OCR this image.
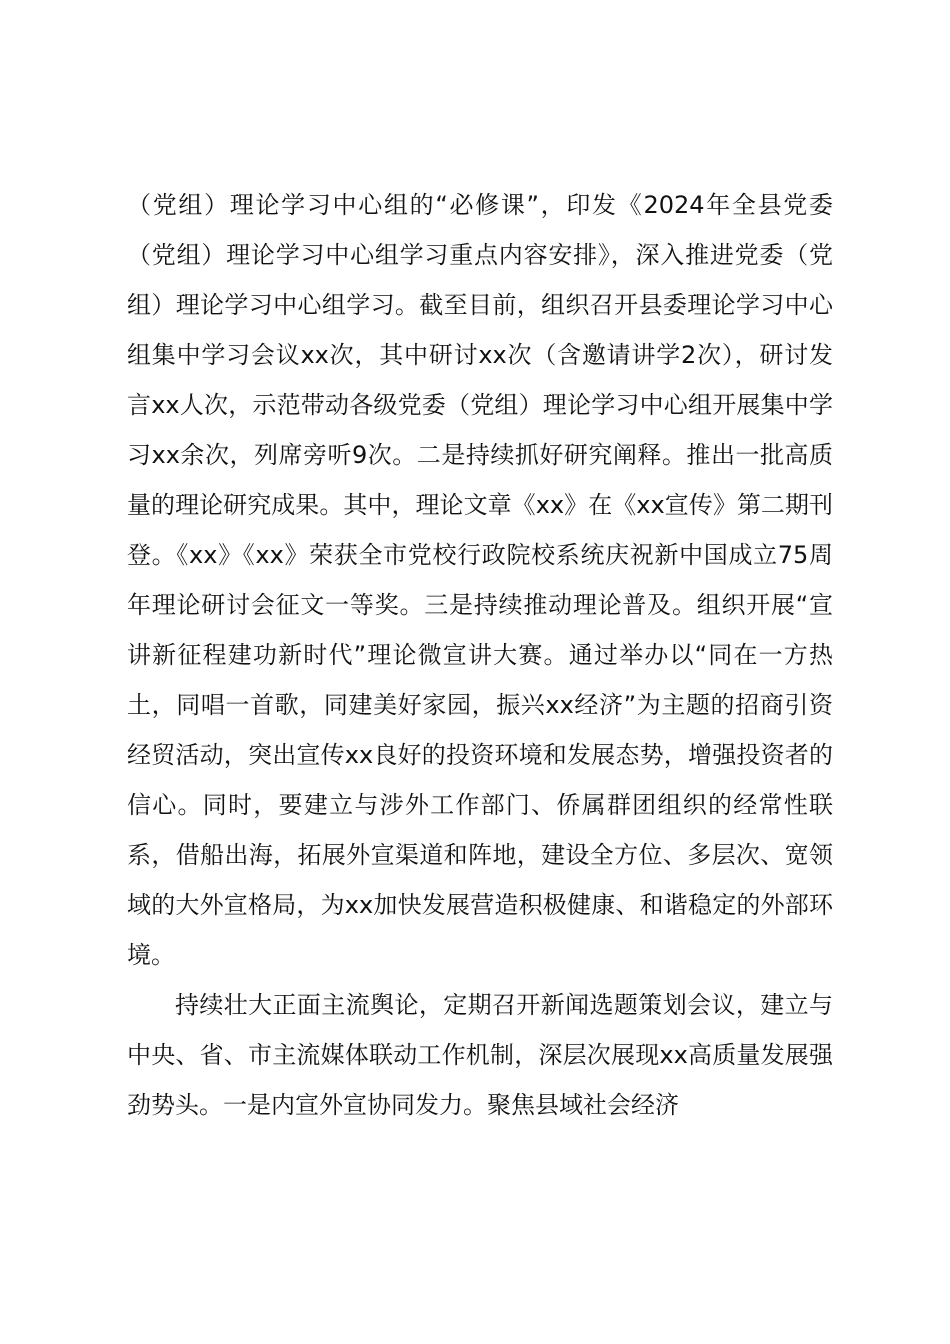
（党组）理论学习中心组的“必修课”，印发《2024年全县党委（党组）理论学习中心组学习重点内容安排》，深入推进党委（党组）理论学习中心组学习。截至目前，组织召开县委理论学习中心组集中学习会议xx次，其中研讨xx次（含邀请讲学2次），研讨发言xx人次，示范带动各级党委（党组）理论学习中心组开展集中学习xx余次，列席旁听9次。二是持续抓好研究阐释。推出一批高质量的理论研究成果。其中，理论文章《xx》在《xx宣传》第二期刊登。《xx》《xx》荣获全市党校行政院校系统庆祝新中国成立75周年理论研讨会征文一等奖。三是持续推动理论普及。组织开展“宣讲新征程建功新时代”理论微宣讲大赛。通过举办以“同在一方热土，同唱一首歌，同建美好家园，振兴xx经济”为主题的招商引资经贸活动，突出宣传xx良好的投资环境和发展态势，增强投资者的信心。同时，要建立与涉外工作部门、侨属群团组织的经常性联系，借船出海，拓展外宣渠道和阵地，建设全方位、多层次、宽领域的大外宣格局，为xx加快发展营造积极健康、和谐稳定的外部环境。

持续壮大正面主流舆论，定期召开新闻选题策划会议，建立与中央、省、市主流媒体联动工作机制，深层次展现xx高质量发展强劲势头。一是内宣外宣协同发力。聚焦县域社会经济
